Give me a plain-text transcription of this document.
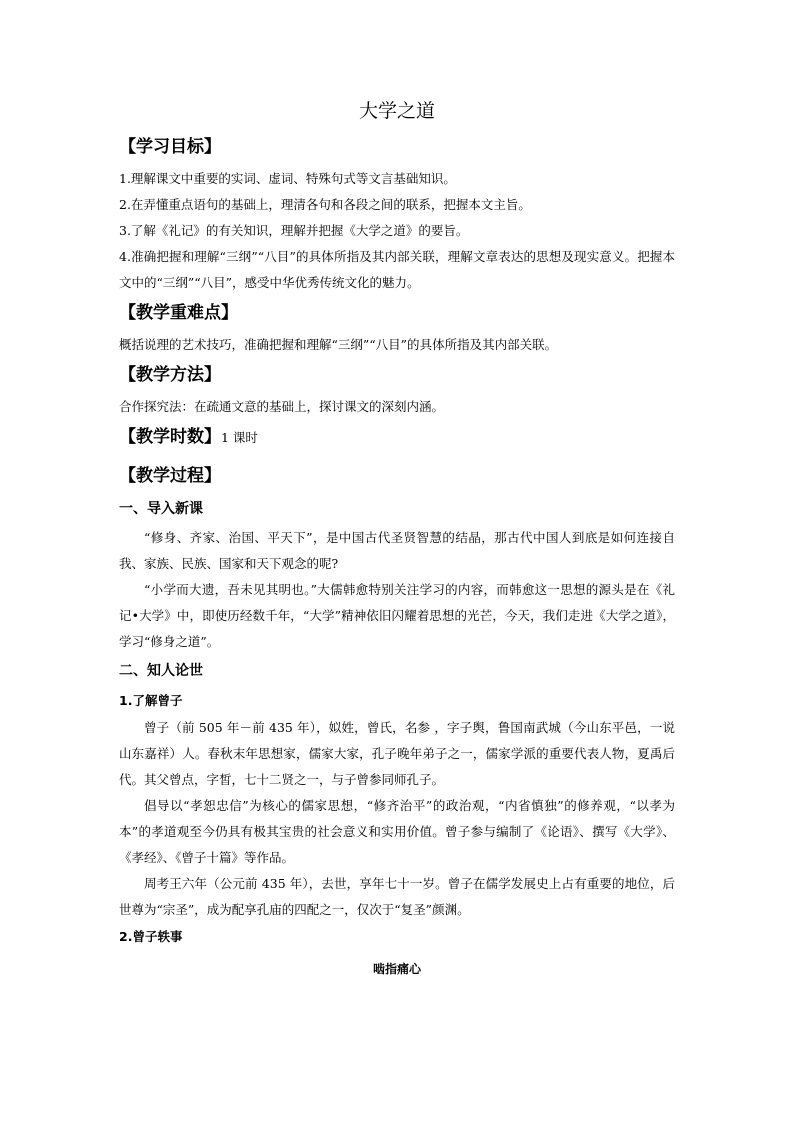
大学之道
【学习目标】

1.理解课文中重要的实词、虚词、特殊句式等文言基础知识。

2.在弄懂重点语句的基础上，理清各句和各段之间的联系，把握本文主旨。

3.了解《礼记》的有关知识，理解并把握《大学之道》的要旨。

4.准确把握和理解“三纲”“八目”的具体所指及其内部关联，理解文章表达的思想及现实意义。把握本文中的“三纲”“八目”，感受中华优秀传统文化的魅力。

【教学重难点】

概括说理的艺术技巧，准确把握和理解“三纲”“八目”的具体所指及其内部关联。

【教学方法】

合作探究法：在疏通文意的基础上，探讨课文的深刻内涵。

【教学时数】1 课时
【教学过程】
一、导入新课

“修身、齐家、治国、平天下”，是中国古代圣贤智慧的结晶，那古代中国人到底是如何连接自我、家族、民族、国家和天下观念的呢?

“小学而大遗，吾未见其明也。”大儒韩愈特别关注学习的内容，而韩愈这一思想的源头是在《礼记•大学》中，即使历经数千年，“大学”精神依旧闪耀着思想的光芒，今天，我们走进《大学之道》，学习“修身之道”。

二、知人论世
1.了解曾子

曾子（前 505 年－前 435 年），姒姓，曾氏，名参 ，字子舆，鲁国南武城（今山东平邑，一说山东嘉祥）人。春秋末年思想家，儒家大家，孔子晚年弟子之一，儒家学派的重要代表人物，夏禹后代。其父曾点，字皙，七十二贤之一，与子曾参同师孔子。

倡导以“孝恕忠信”为核心的儒家思想，“修齐治平”的政治观，“内省慎独”的修养观，“以孝为本”的孝道观至今仍具有极其宝贵的社会意义和实用价值。曾子参与编制了《论语》、撰写《大学》、《孝经》、《曾子十篇》等作品。

周考王六年（公元前 435 年），去世，享年七十一岁。曾子在儒学发展史上占有重要的地位，后世尊为“宗圣”，成为配享孔庙的四配之一，仅次于“复圣”颜渊。

2.曾子轶事
啮指痛心
